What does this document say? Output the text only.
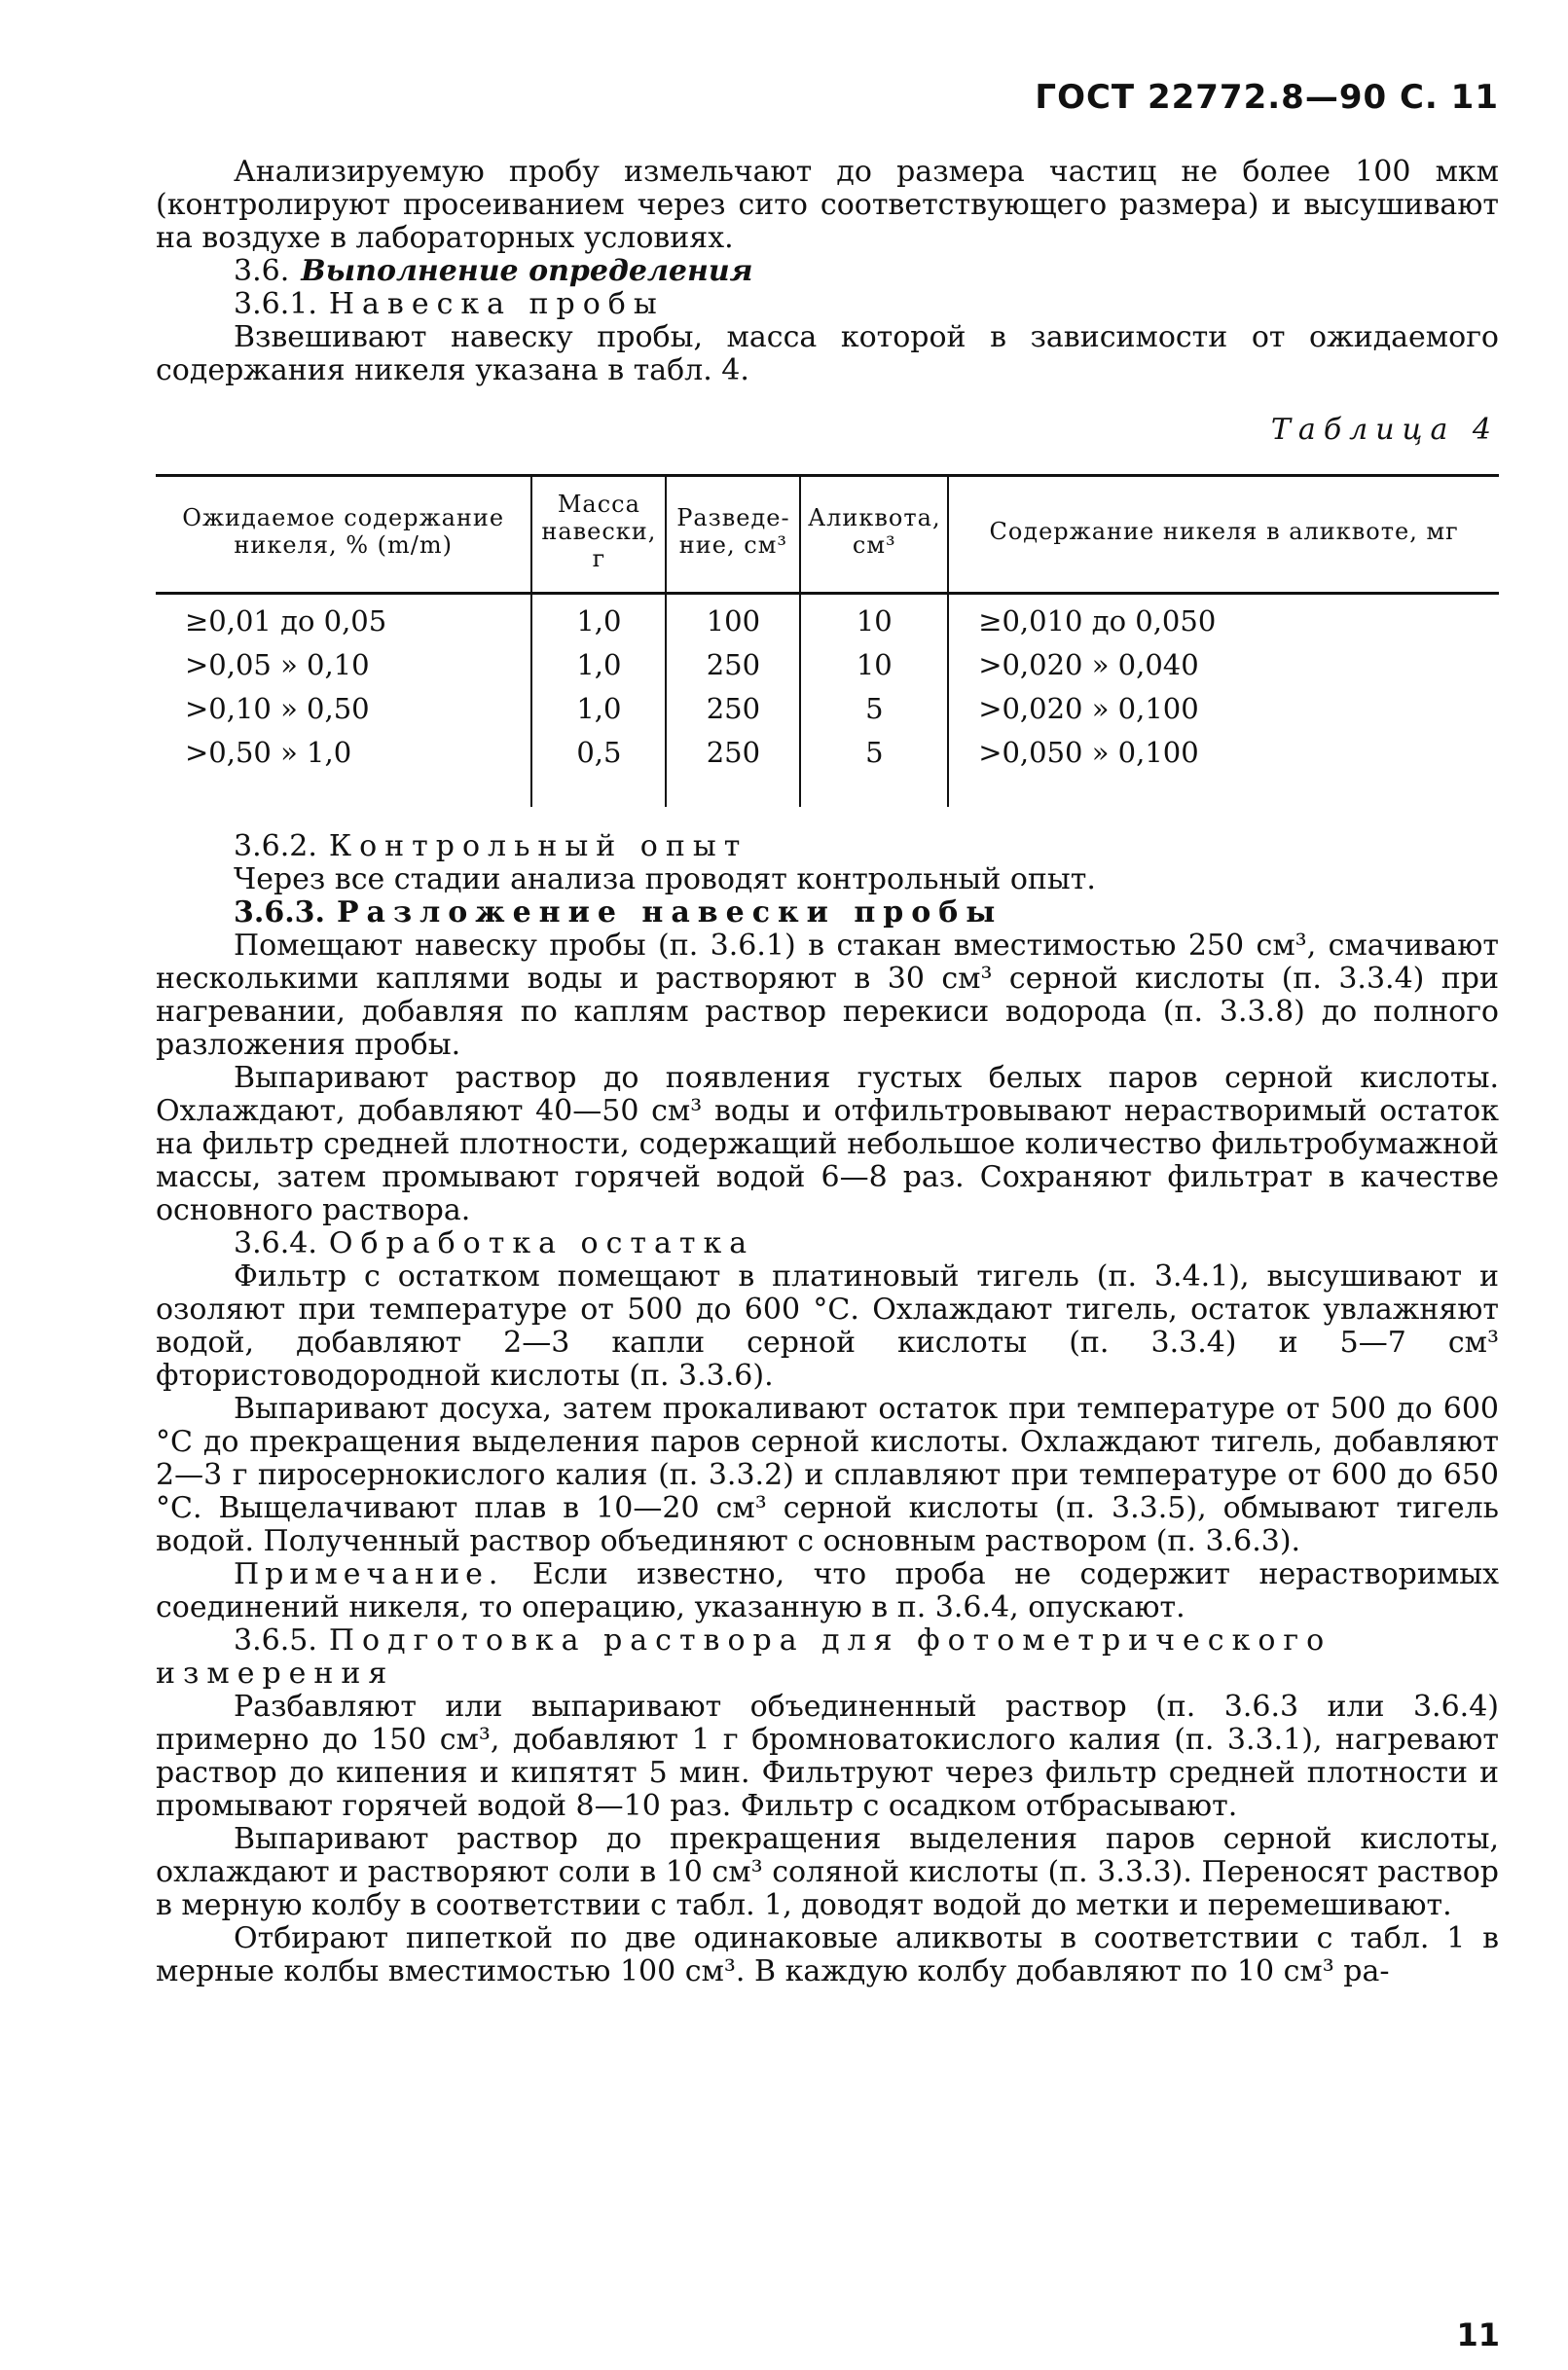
ГОСТ 22772.8—90 С. 11

Анализируемую пробу измельчают до размера частиц не более 100 мкм (контролируют просеиванием через сито соответствующего размера) и высушивают на воздухе в лабораторных условиях.

3.6. Выполнение определения
3.6.1. Навеска пробы

Взвешивают навеску пробы, масса которой в зависимости от ожидаемого содержания никеля указана в табл. 4.

Таблица 4
Ожидаемое содержание никеля, % (m/m)	Масса навески, г	Разведе-ние, см³	Аликвота, см³	Содержание никеля в аликвоте, мг
≥0,01 до 0,05	1,0	100	10	≥0,010 до 0,050
>0,05 » 0,10	1,0	250	10	>0,020 » 0,040
>0,10 » 0,50	1,0	250	5	>0,020 » 0,100
>0,50 » 1,0	0,5	250	5	>0,050 » 0,100
3.6.2. Контрольный опыт

Через все стадии анализа проводят контрольный опыт.

3.6.3. Разложение навески пробы

Помещают навеску пробы (п. 3.6.1) в стакан вместимостью 250 см³, смачивают несколькими каплями воды и растворяют в 30 см³ серной кислоты (п. 3.3.4) при нагревании, добавляя по каплям раствор перекиси водорода (п. 3.3.8) до полного разложения пробы.

Выпаривают раствор до появления густых белых паров серной кислоты. Охлаждают, добавляют 40—50 см³ воды и отфильтровывают нерастворимый остаток на фильтр средней плотности, содержащий небольшое количество фильтробумажной массы, затем промывают горячей водой 6—8 раз. Сохраняют фильтрат в качестве основного раствора.

3.6.4. Обработка остатка

Фильтр с остатком помещают в платиновый тигель (п. 3.4.1), высушивают и озоляют при температуре от 500 до 600 °С. Охлаждают тигель, остаток увлажняют водой, добавляют 2—3 капли серной кислоты (п. 3.3.4) и 5—7 см³ фтористоводородной кислоты (п. 3.3.6).

Выпаривают досуха, затем прокаливают остаток при температуре от 500 до 600 °С до прекращения выделения паров серной кислоты. Охлаждают тигель, добавляют 2—3 г пиросернокислого калия (п. 3.3.2) и сплавляют при температуре от 600 до 650 °С. Выщелачивают плав в 10—20 см³ серной кислоты (п. 3.3.5), обмывают тигель водой. Полученный раствор объединяют с основным раствором (п. 3.6.3).

Примечание. Если известно, что проба не содержит нерастворимых соединений никеля, то операцию, указанную в п. 3.6.4, опускают.

3.6.5. Подготовка раствора для фотометрического измерения

Разбавляют или выпаривают объединенный раствор (п. 3.6.3 или 3.6.4) примерно до 150 см³, добавляют 1 г бромноватокислого калия (п. 3.3.1), нагревают раствор до кипения и кипятят 5 мин. Фильтруют через фильтр средней плотности и промывают горячей водой 8—10 раз. Фильтр с осадком отбрасывают.

Выпаривают раствор до прекращения выделения паров серной кислоты, охлаждают и растворяют соли в 10 см³ соляной кислоты (п. 3.3.3). Переносят раствор в мерную колбу в соответствии с табл. 1, доводят водой до метки и перемешивают.

Отбирают пипеткой по две одинаковые аликвоты в соответствии с табл. 1 в мерные колбы вместимостью 100 см³. В каждую колбу добавляют по 10 см³ ра-

11
